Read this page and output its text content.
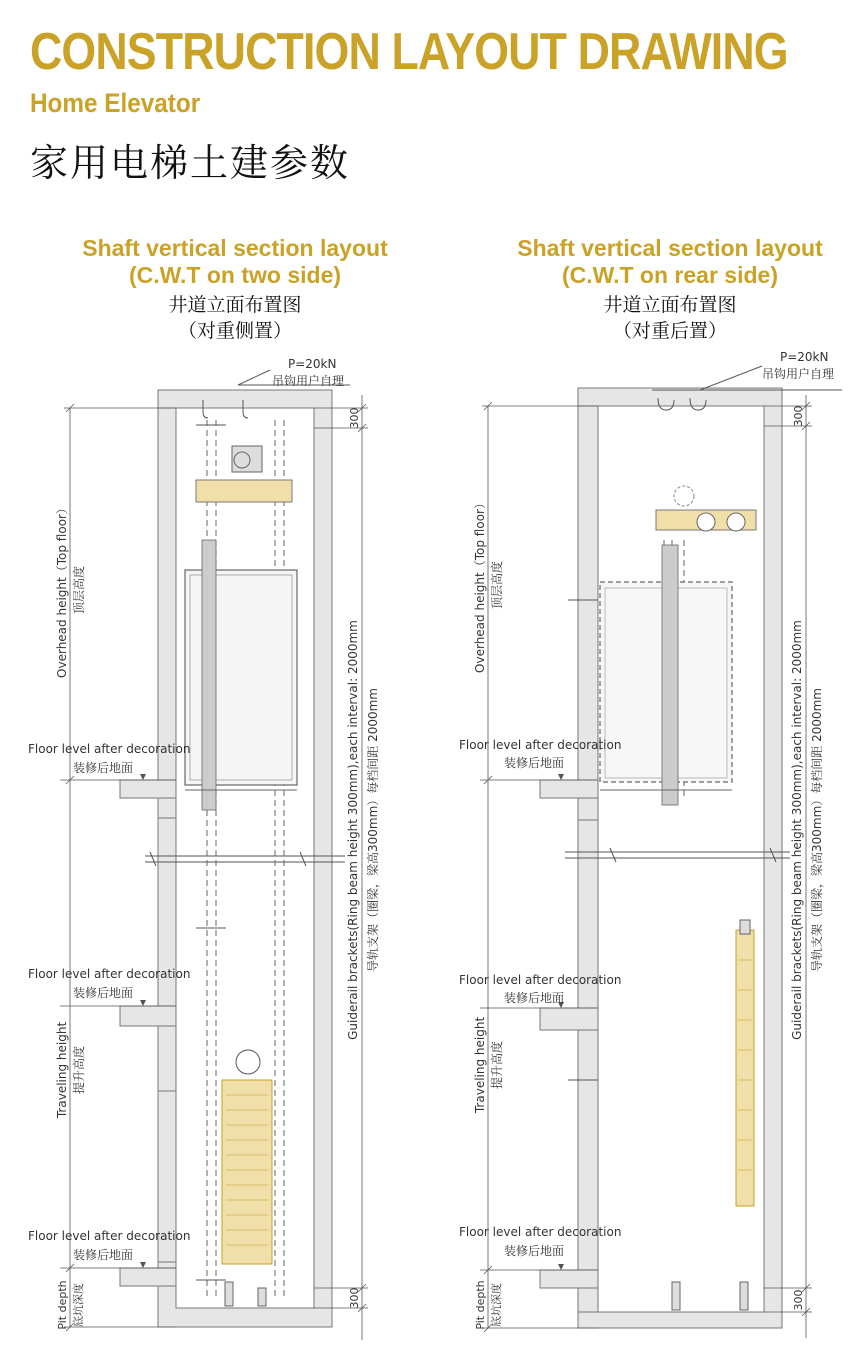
CONSTRUCTION LAYOUT DRAWING
Home Elevator
家用电梯土建参数
Shaft vertical section layout
(C.W.T on two side)
井道立面布置图
（对重侧置）
Shaft vertical section layout
(C.W.T on rear side)
井道立面布置图
（对重后置）
P=20kN
吊钩用户自理
Floor level after decoration
装修后地面
Floor level after decoration
装修后地面
Floor level after decoration
装修后地面
Overhead height（Top floor） 顶层高度
Traveling height 提升高度
Pit depth 底坑深度
300
300
Guiderail brackets(Ring beam height 300mm),each interval: 2000mm 导轨支架（圈梁，梁高300mm）每档间距 2000mm
P=20kN
吊钩用户自理
Floor level after decoration
装修后地面
Floor level after decoration
装修后地面
Floor level after decoration
装修后地面
Overhead height（Top floor） 顶层高度
Traveling height 提升高度
Pit depth 底坑深度
300
300
Guiderail brackets(Ring beam height 300mm),each interval: 2000mm 导轨支架（圈梁，梁高300mm）每档间距 2000mm
